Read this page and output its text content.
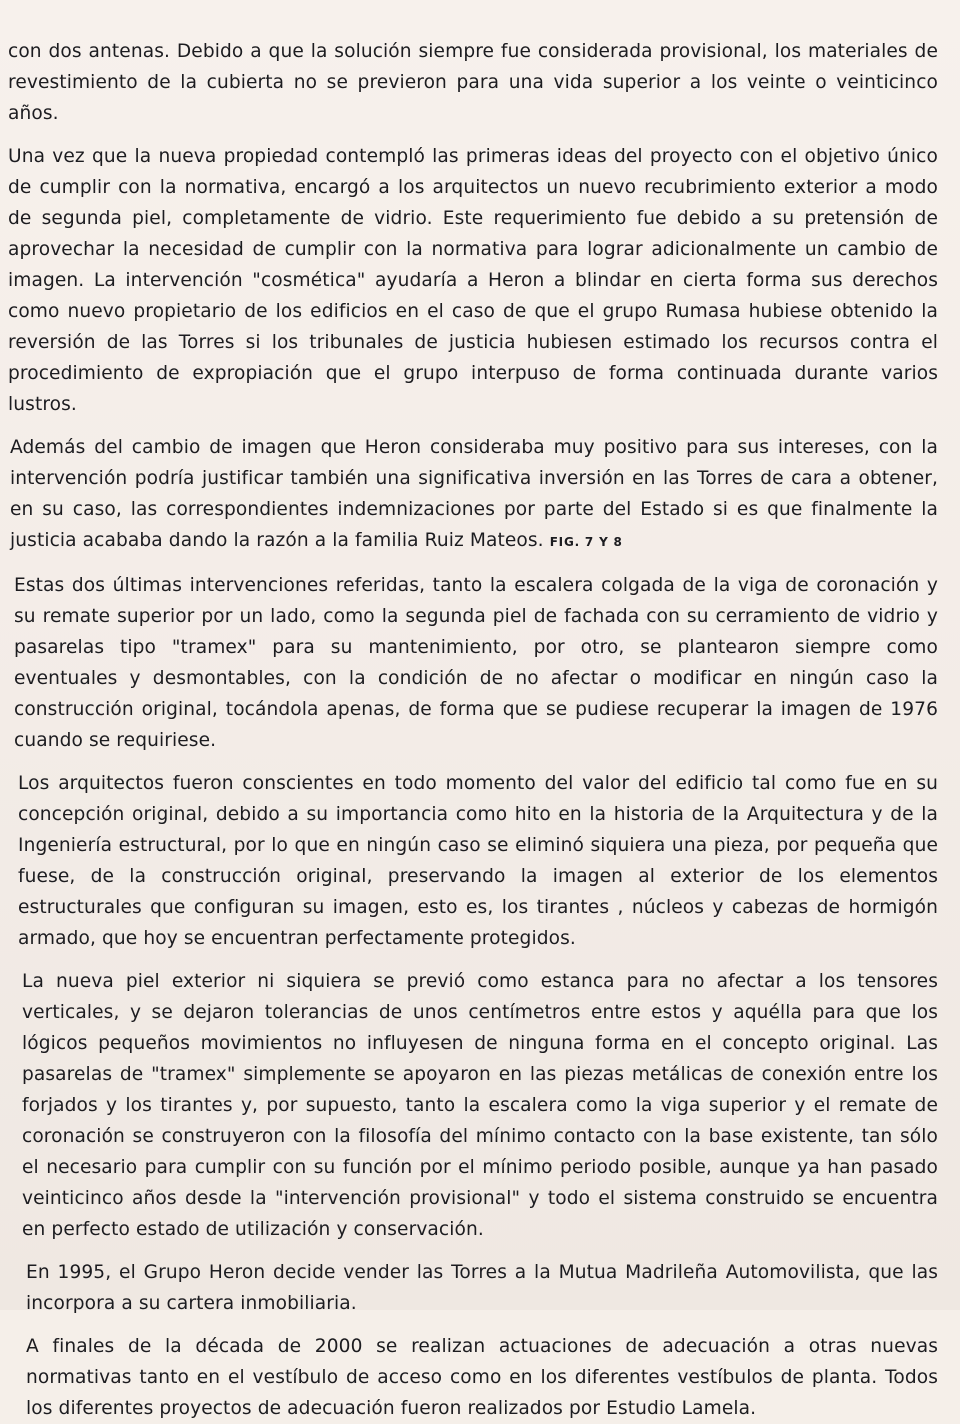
con dos antenas. Debido a que la solución siempre fue considerada provisional, los materiales de revestimiento de la cubierta no se previeron para una vida superior a los veinte o veinticinco años.

Una vez que la nueva propiedad contempló las primeras ideas del proyecto con el objetivo único de cumplir con la normativa, encargó a los arquitectos un nuevo recubrimiento exterior a modo de segunda piel, completamente de vidrio. Este requerimiento fue debido a su pretensión de aprovechar la necesidad de cumplir con la normativa para lograr adicionalmente un cambio de imagen. La intervención "cosmética" ayudaría a Heron a blindar en cierta forma sus derechos como nuevo propietario de los edificios en el caso de que el grupo Rumasa hubiese obtenido la reversión de las Torres si los tribunales de justicia hubiesen estimado los recursos contra el procedimiento de expropiación que el grupo interpuso de forma continuada durante varios lustros.

Además del cambio de imagen que Heron consideraba muy positivo para sus intereses, con la intervención podría justificar también una significativa inversión en las Torres de cara a obtener, en su caso, las correspondientes indemnizaciones por parte del Estado si es que finalmente la justicia acababa dando la razón a la familia Ruiz Mateos. FIG. 7 Y 8

Estas dos últimas intervenciones referidas, tanto la escalera colgada de la viga de coronación y su remate superior por un lado, como la segunda piel de fachada con su cerramiento de vidrio y pasarelas tipo "tramex" para su mantenimiento, por otro, se plantearon siempre como eventuales y desmontables, con la condición de no afectar o modificar en ningún caso la construcción original, tocándola apenas, de forma que se pudiese recuperar la imagen de 1976 cuando se requiriese.

Los arquitectos fueron conscientes en todo momento del valor del edificio tal como fue en su concepción original, debido a su importancia como hito en la historia de la Arquitectura y de la Ingeniería estructural, por lo que en ningún caso se eliminó siquiera una pieza, por pequeña que fuese, de la construcción original, preservando la imagen al exterior de los elementos estructurales que configuran su imagen, esto es, los tirantes , núcleos y cabezas de hormigón armado, que hoy se encuentran perfectamente protegidos.

La nueva piel exterior ni siquiera se previó como estanca para no afectar a los tensores verticales, y se dejaron tolerancias de unos centímetros entre estos y aquélla para que los lógicos pequeños movimientos no influyesen de ninguna forma en el concepto original. Las pasarelas de "tramex" simplemente se apoyaron en las piezas metálicas de conexión entre los forjados y los tirantes y, por supuesto, tanto la escalera como la viga superior y el remate de coronación se construyeron con la filosofía del mínimo contacto con la base existente, tan sólo el necesario para cumplir con su función por el mínimo periodo posible, aunque ya han pasado veinticinco años desde la "intervención provisional" y todo el sistema construido se encuentra en perfecto estado de utilización y conservación.

En 1995, el Grupo Heron decide vender las Torres a la Mutua Madrileña Automovilista, que las incorpora a su cartera inmobiliaria.

A finales de la década de 2000 se realizan actuaciones de adecuación a otras nuevas normativas tanto en el vestíbulo de acceso como en los diferentes vestíbulos de planta. Todos los diferentes proyectos de adecuación fueron realizados por Estudio Lamela.
